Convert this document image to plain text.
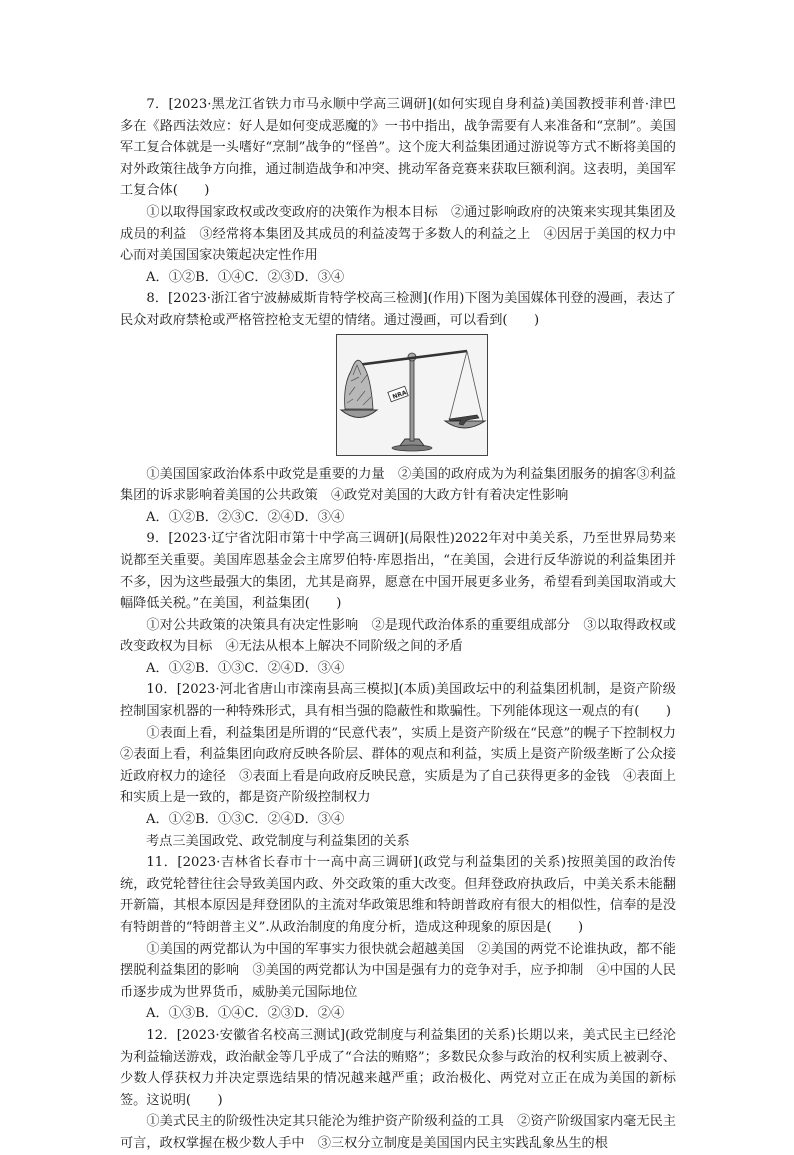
7．[2023·黑龙江省铁力市马永顺中学高三调研](如何实现自身利益)美国教授菲利普·津巴多在《路西法效应：好人是如何变成恶魔的》一书中指出，战争需要有人来准备和“烹制”。美国军工复合体就是一头嗜好“烹制”战争的“怪兽”。这个庞大利益集团通过游说等方式不断将美国的对外政策往战争方向推，通过制造战争和冲突、挑动军备竞赛来获取巨额利润。这表明，美国军工复合体(　　)

①以取得国家政权或改变政府的决策作为根本目标　②通过影响政府的决策来实现其集团及成员的利益　③经常将本集团及其成员的利益凌驾于多数人的利益之上　④因居于美国的权力中心而对美国国家决策起决定性作用

A．①②B．①④C．②③D．③④

8．[2023·浙江省宁波赫威斯肯特学校高三检测](作用)下图为美国媒体刊登的漫画，表达了民众对政府禁枪或严格管控枪支无望的情绪。通过漫画，可以看到(　　)

NRA

①美国国家政治体系中政党是重要的力量　②美国的政府成为为利益集团服务的掮客③利益集团的诉求影响着美国的公共政策　④政党对美国的大政方针有着决定性影响

A．①②B．②③C．②④D．③④

9．[2023·辽宁省沈阳市第十中学高三调研](局限性)2022年对中美关系，乃至世界局势来说都至关重要。美国库恩基金会主席罗伯特·库恩指出，“在美国，会进行反华游说的利益集团并不多，因为这些最强大的集团，尤其是商界，愿意在中国开展更多业务，希望看到美国取消或大幅降低关税。”在美国，利益集团(　　)

①对公共政策的决策具有决定性影响　②是现代政治体系的重要组成部分　③以取得政权或改变政权为目标　④无法从根本上解决不同阶级之间的矛盾

A．①②B．①③C．②④D．③④

10．[2023·河北省唐山市滦南县高三模拟](本质)美国政坛中的利益集团机制，是资产阶级控制国家机器的一种特殊形式，具有相当强的隐蔽性和欺骗性。下列能体现这一观点的有(　　)

①表面上看，利益集团是所谓的“民意代表”，实质上是资产阶级在“民意”的幌子下控制权力　②表面上看，利益集团向政府反映各阶层、群体的观点和利益，实质上是资产阶级垄断了公众接近政府权力的途径　③表面上看是向政府反映民意，实质是为了自己获得更多的金钱　④表面上和实质上是一致的，都是资产阶级控制权力

A．①②B．①③C．②④D．③④

考点三美国政党、政党制度与利益集团的关系

11．[2023·吉林省长春市十一高中高三调研](政党与利益集团的关系)按照美国的政治传统，政党轮替往往会导致美国内政、外交政策的重大改变。但拜登政府执政后，中美关系未能翻开新篇，其根本原因是拜登团队的主流对华政策思维和特朗普政府有很大的相似性，信奉的是没有特朗普的“特朗普主义”.从政治制度的角度分析，造成这种现象的原因是(　　)

①美国的两党都认为中国的军事实力很快就会超越美国　②美国的两党不论谁执政，都不能摆脱利益集团的影响　③美国的两党都认为中国是强有力的竞争对手，应予抑制　④中国的人民币逐步成为世界货币，威胁美元国际地位

A．①③B．①④C．②③D．②④

12．[2023·安徽省名校高三测试](政党制度与利益集团的关系)长期以来，美式民主已经沦为利益输送游戏，政治献金等几乎成了“合法的贿赂”；多数民众参与政治的权利实质上被剥夺、少数人俘获权力并决定票选结果的情况越来越严重；政治极化、两党对立正在成为美国的新标签。这说明(　　)

①美式民主的阶级性决定其只能沦为维护资产阶级利益的工具　②资产阶级国家内毫无民主可言，政权掌握在极少数人手中　③三权分立制度是美国国内民主实践乱象丛生的根
